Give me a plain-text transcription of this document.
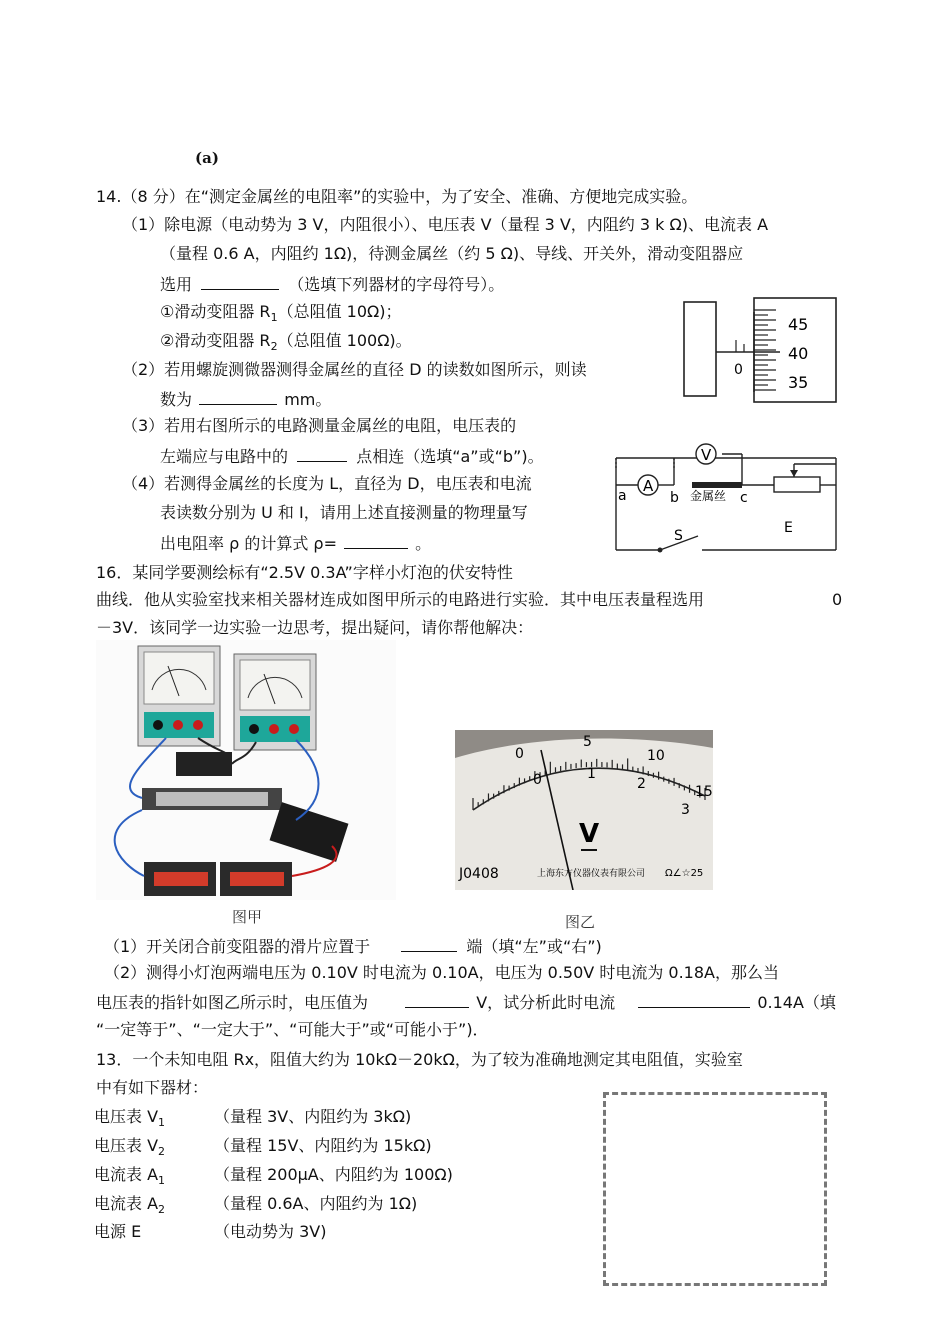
(a)
14.（8 分）在“测定金属丝的电阻率”的实验中，为了安全、准确、方便地完成实验。
（1）除电源（电动势为 3 V，内阻很小）、电压表 V（量程 3 V，内阻约 3 k Ω)、电流表 A
（量程 0.6 A，内阻约 1Ω)，待测金属丝（约 5 Ω)、导线、开关外，滑动变阻器应
选用	（选填下列器材的字母符号）。
①滑动变阻器 $R_1$（总阻值 10Ω)；
②滑动变阻器 $R_2$（总阻值 100Ω)。
（2）若用螺旋测微器测得金属丝的直径 D 的读数如图所示，则读
数为	mm。
（3）若用右图所示的电路测量金属丝的电阻，电压表的
左端应与电路中的	点相连（选填“a”或“b”)。
（4）若测得金属丝的长度为 L，直径为 D，电压表和电流
表读数分别为 U 和 I，请用上述直接测量的物理量写
出电阻率 ρ 的计算式 ρ=	。
45
40
35
0
V
A
a	b	c
金属丝
S	E
16．某同学要测绘标有“2.5V 0.3A”字样小灯泡的伏安特性
曲线．他从实验室找来相关器材连成如图甲所示的电路进行实验．其中电压表量程选用	0
－3V．该同学一边实验一边思考，提出疑问，请你帮他解决：
图甲
0
5
10
15
0	1
2
3
V
J0408	上海东方仪器仪表有限公司 Ω∠☆25
图乙
（1）开关闭合前变阻器的滑片应置于	端（填“左”或“右”)
（2）测得小灯泡两端电压为 0.10V 时电流为 0.10A，电压为 0.50V 时电流为 0.18A，那么当
电压表的指针如图乙所示时，电压值为	V，试分析此时电流	0.14A（填
“一定等于”、“一定大于”、“可能大于”或“可能小于”)．
13．一个未知电阻 Rx，阻值大约为 10kΩ－20kΩ，为了较为准确地测定其电阻值，实验室
中有如下器材：
电压表 $V_1$	（量程 3V、内阻约为 3kΩ)
电压表 $V_2$	（量程 15V、内阻约为 15kΩ)
电流表 $A_1$	（量程 200μA、内阻约为 100Ω)
电流表 $A_2$	（量程 0.6A、内阻约为 1Ω)
电源 E	（电动势为 3V)
